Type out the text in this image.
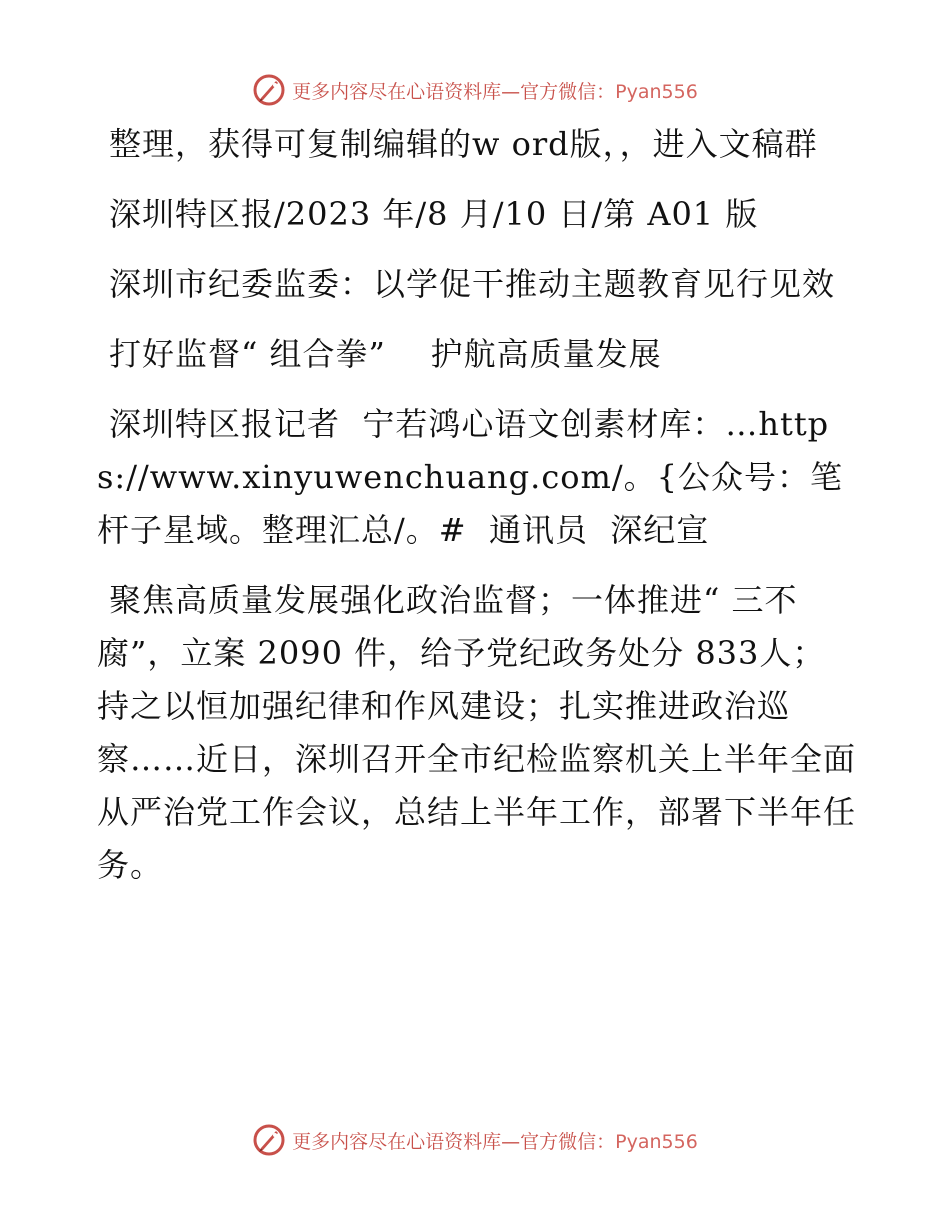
更多内容尽在心语资料库—官方微信：Pyan556

整理，获得可复制编辑的w ord版，，进入文稿群

深圳特区报/2023 年/8 月/10 日/第 A01 版

深圳市纪委监委：以学促干推动主题教育见行见效

打好监督“ 组合拳”    护航高质量发展

深圳特区报记者  宁若鸿心语文创素材库：…https://www.xinyuwenchuang.com/。{公众号：笔杆子星域。整理汇总/。#  通讯员  深纪宣

聚焦高质量发展强化政治监督；一体推进“ 三不腐”，立案 2090 件，给予党纪政务处分 833人；持之以恒加强纪律和作风建设；扎实推进政治巡察……近日，深圳召开全市纪检监察机关上半年全面从严治党工作会议，总结上半年工作，部署下半年任务。

更多内容尽在心语资料库—官方微信：Pyan556
